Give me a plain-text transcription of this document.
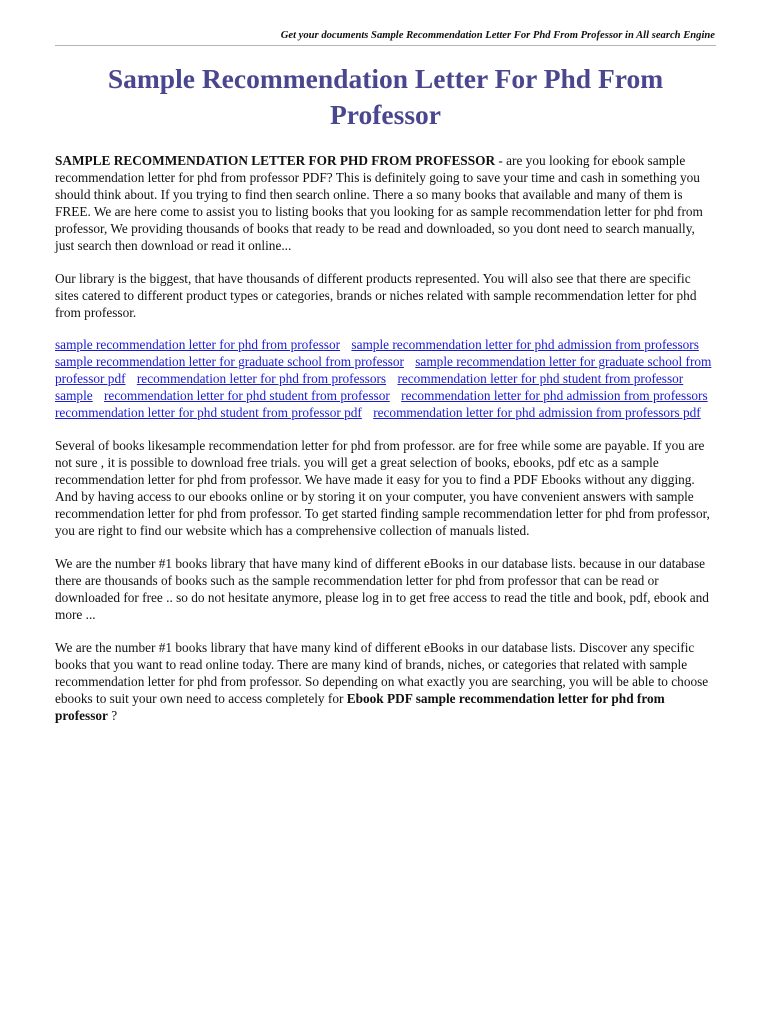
Get your documents Sample Recommendation Letter For Phd From Professor in All search Engine
Sample Recommendation Letter For Phd From Professor

SAMPLE RECOMMENDATION LETTER FOR PHD FROM PROFESSOR - are you looking for ebook sample recommendation letter for phd from professor PDF? This is definitely going to save your time and cash in something you should think about. If you trying to find then search online. There a so many books that available and many of them is FREE. We are here come to assist you to listing books that you looking for as sample recommendation letter for phd from professor, We providing thousands of books that ready to be read and downloaded, so you dont need to search manually, just search then download or read it online...

Our library is the biggest, that have thousands of different products represented. You will also see that there are specific sites catered to different product types or categories, brands or niches related with sample recommendation letter for phd from professor.

sample recommendation letter for phd from professor sample recommendation letter for phd admission from professors sample recommendation letter for graduate school from professor sample recommendation letter for graduate school from professor pdf recommendation letter for phd from professors recommendation letter for phd student from professor sample recommendation letter for phd student from professor recommendation letter for phd admission from professors recommendation letter for phd student from professor pdf recommendation letter for phd admission from professors pdf

Several of books likesample recommendation letter for phd from professor. are for free while some are payable. If you are not sure , it is possible to download free trials. you will get a great selection of books, ebooks, pdf etc as a sample recommendation letter for phd from professor. We have made it easy for you to find a PDF Ebooks without any digging. And by having access to our ebooks online or by storing it on your computer, you have convenient answers with sample recommendation letter for phd from professor. To get started finding sample recommendation letter for phd from professor, you are right to find our website which has a comprehensive collection of manuals listed.

We are the number #1 books library that have many kind of different eBooks in our database lists. because in our database there are thousands of books such as the sample recommendation letter for phd from professor that can be read or downloaded for free .. so do not hesitate anymore, please log in to get free access to read the title and book, pdf, ebook and more ...

We are the number #1 books library that have many kind of different eBooks in our database lists. Discover any specific books that you want to read online today. There are many kind of brands, niches, or categories that related with sample recommendation letter for phd from professor. So depending on what exactly you are searching, you will be able to choose ebooks to suit your own need to access completely for Ebook PDF sample recommendation letter for phd from professor ?
